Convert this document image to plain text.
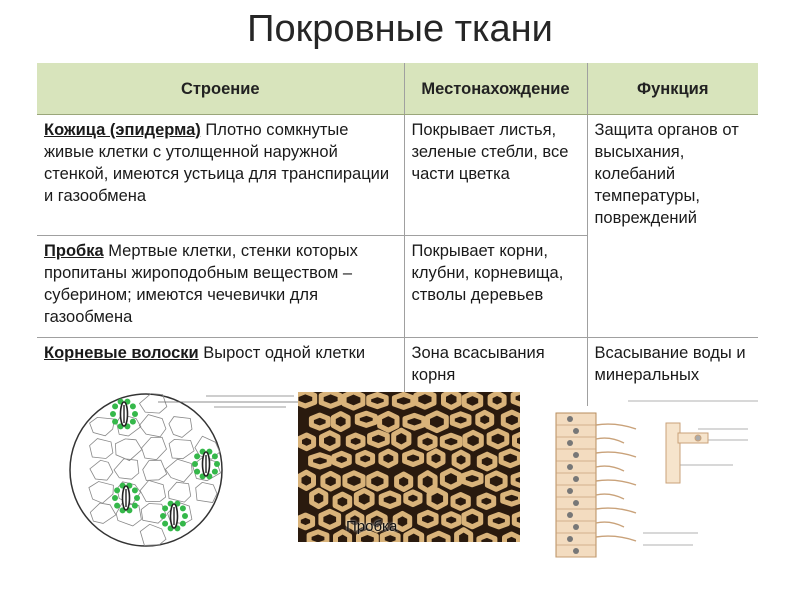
Покровные ткани
Строение	Местонахождение	Функция
Кожица (эпидерма) Плотно сомкнутые живые клетки с утолщенной наружной стенкой, имеются устьица для транспирации и газообмена	Покрывает листья, зеленые стебли, все части цветка	Защита органов от высыхания, колебаний температуры, повреждений
Пробка Мертвые клетки, стенки которых пропитаны жироподобным веществом – суберином; имеются чечевички для газообмена	Покрывает корни, клубни, корневища, стволы деревьев	
Корневые волоски Вырост одной клетки	Зона всасывания корня	Всасывание воды и минеральных
Пробка
